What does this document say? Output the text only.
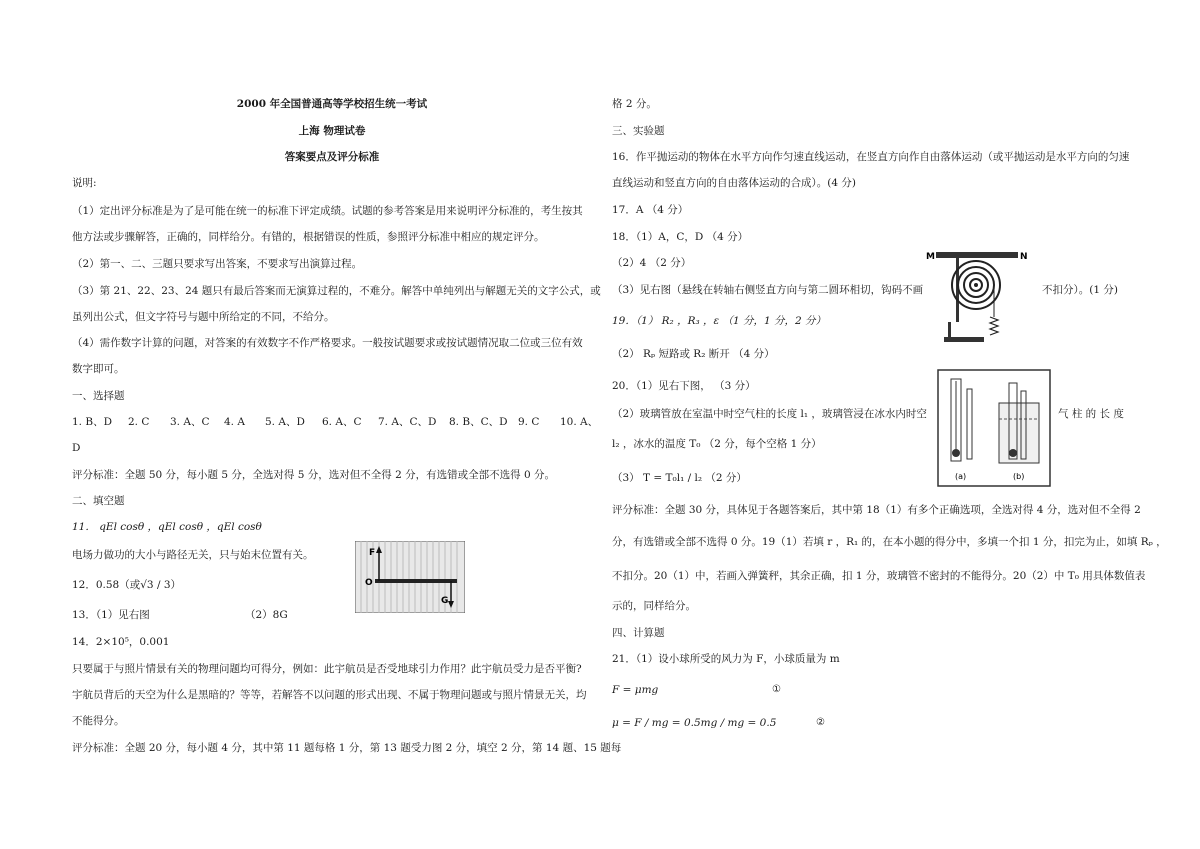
2000 年全国普通高等学校招生统一考试
上海 物理试卷
答案要点及评分标准
说明:
（1）定出评分标准是为了是可能在统一的标准下评定成绩。试题的参考答案是用来说明评分标准的，考生按其
他方法或步骤解答，正确的，同样给分。有错的，根据错误的性质，参照评分标准中相应的规定评分。
（2）第一、二、三题只要求写出答案，不要求写出演算过程。
（3）第 21、22、23、24 题只有最后答案而无演算过程的，不难分。解答中单纯列出与解题无关的文字公式，或
虽列出公式，但文字符号与题中所给定的不同，不给分。
（4）需作数字计算的问题，对答案的有效数字不作严格要求。一般按试题要求或按试题情况取二位或三位有效
数字即可。
一、选择题
1. B、D 2. C 3. A、C 4. A 5. A、D 6. A、C 7. A、C、D 8. B、C、D 9. C 10. A、
D
评分标准：全题 50 分，每小题 5 分，全选对得 5 分，选对但不全得 2 分，有选错或全部不选得 0 分。
二、填空题
11． qEl cosθ ，qEl cosθ ，qEl cosθ
电场力做功的大小与路径无关，只与始末位置有关。
12．0.58（或√3 / 3）
13．（1）见右图	（2）8G
14．2×10⁵，0.001
只要属于与照片情景有关的物理问题均可得分，例如：此宇航员是否受地球引力作用？此宇航员受力是否平衡?
宇航员背后的天空为什么是黑暗的？等等，若解答不以问题的形式出现、不属于物理问题或与照片情景无关，均
不能得分。
评分标准：全题 20 分，每小题 4 分，其中第 11 题每格 1 分，第 13 题受力图 2 分，填空 2 分，第 14 题、15 题每
F
O
G
格 2 分。
三、实验题
16．作平抛运动的物体在水平方向作匀速直线运动，在竖直方向作自由落体运动（或平抛运动是水平方向的匀速
直线运动和竖直方向的自由落体运动的合成）。(4 分)
17．A （4 分）
18．（1）A，C，D （4 分）
（2）4 （2 分）
（3）见右图（悬线在转轴右侧竖直方向与第二圆环相切，钩码不画	不扣分）。(1 分)
19．（1） R₂ ，R₃ ，ε （1 分，1 分，2 分）
（2） Rₚ 短路或 R₂ 断开 （4 分）
20．（1）见右下图， （3 分）
（2）玻璃管放在室温中时空气柱的长度 l₁ ，玻璃管浸在冰水内时空	气 柱 的 长 度
l₂ ，冰水的温度 T₀ （2 分，每个空格 1 分）
（3） T = T₀l₁ / l₂ （2 分）
评分标准：全题 30 分，具体见于各题答案后，其中第 18（1）有多个正确选项，全选对得 4 分，选对但不全得 2
分，有选错或全部不选得 0 分。19（1）若填 r ，R₁ 的，在本小题的得分中，多填一个扣 1 分，扣完为止，如填 Rₚ ，
不扣分。20（1）中，若画入弹簧秤，其余正确，扣 1 分，玻璃管不密封的不能得分。20（2）中 T₀ 用具体数值表
示的，同样给分。
四、计算题
21．（1）设小球所受的风力为 F，小球质量为 m
F = μmg	①
μ = F / mg = 0.5mg / mg = 0.5	②
M	N
(a)	(b)
